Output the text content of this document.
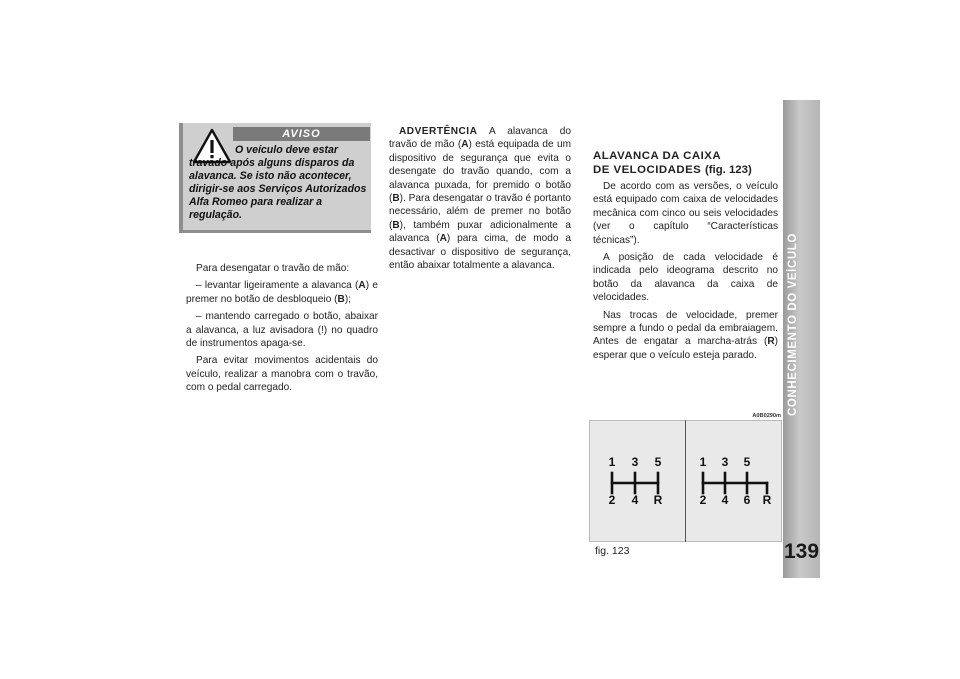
CONHECIMENTO DO VEÍCULO
139
AVISO
O veículo deve estar travado após alguns disparos da alavanca. Se isto não acontecer, dirigir-se aos Serviços Autorizados Alfa Romeo para realizar a regulação.

Para desengatar o travão de mão:

– levantar ligeiramente a alavanca (A) e premer no botão de desbloqueio (B);

– mantendo carregado o botão, abaixar a alavanca, a luz avisadora (!) no quadro de instrumentos apaga-se.

Para evitar movimentos acidentais do veículo, realizar a manobra com o travão, com o pedal carregado.

ADVERTÊNCIA A alavanca do travão de mão (A) está equipada de um dispositivo de segurança que evita o desengate do travão quando, com a alavanca puxada, for premido o botão (B). Para desengatar o travão é portanto necessário, além de premer no botão (B), também puxar adicionalmente a alavanca (A) para cima, de modo a desactivar o dispositivo de segurança, então abaixar totalmente a alavanca.

ALAVANCA DA CAIXA
DE VELOCIDADES (fig. 123)

De acordo com as versões, o veículo está equipado com caixa de velocidades mecânica com cinco ou seis velocidades (ver o capítulo “Características técnicas”).

A posição de cada velocidade é indicada pelo ideograma descrito no botão da alavanca da caixa de velocidades.

Nas trocas de velocidade, premer sempre a fundo o pedal da embraiagem. Antes de engatar a marcha-atrás (R) esperar que o veículo esteja parado.

A0B0290m
1	3	5
2	4	R
1	3	5
2	4	6	R
fig. 123
